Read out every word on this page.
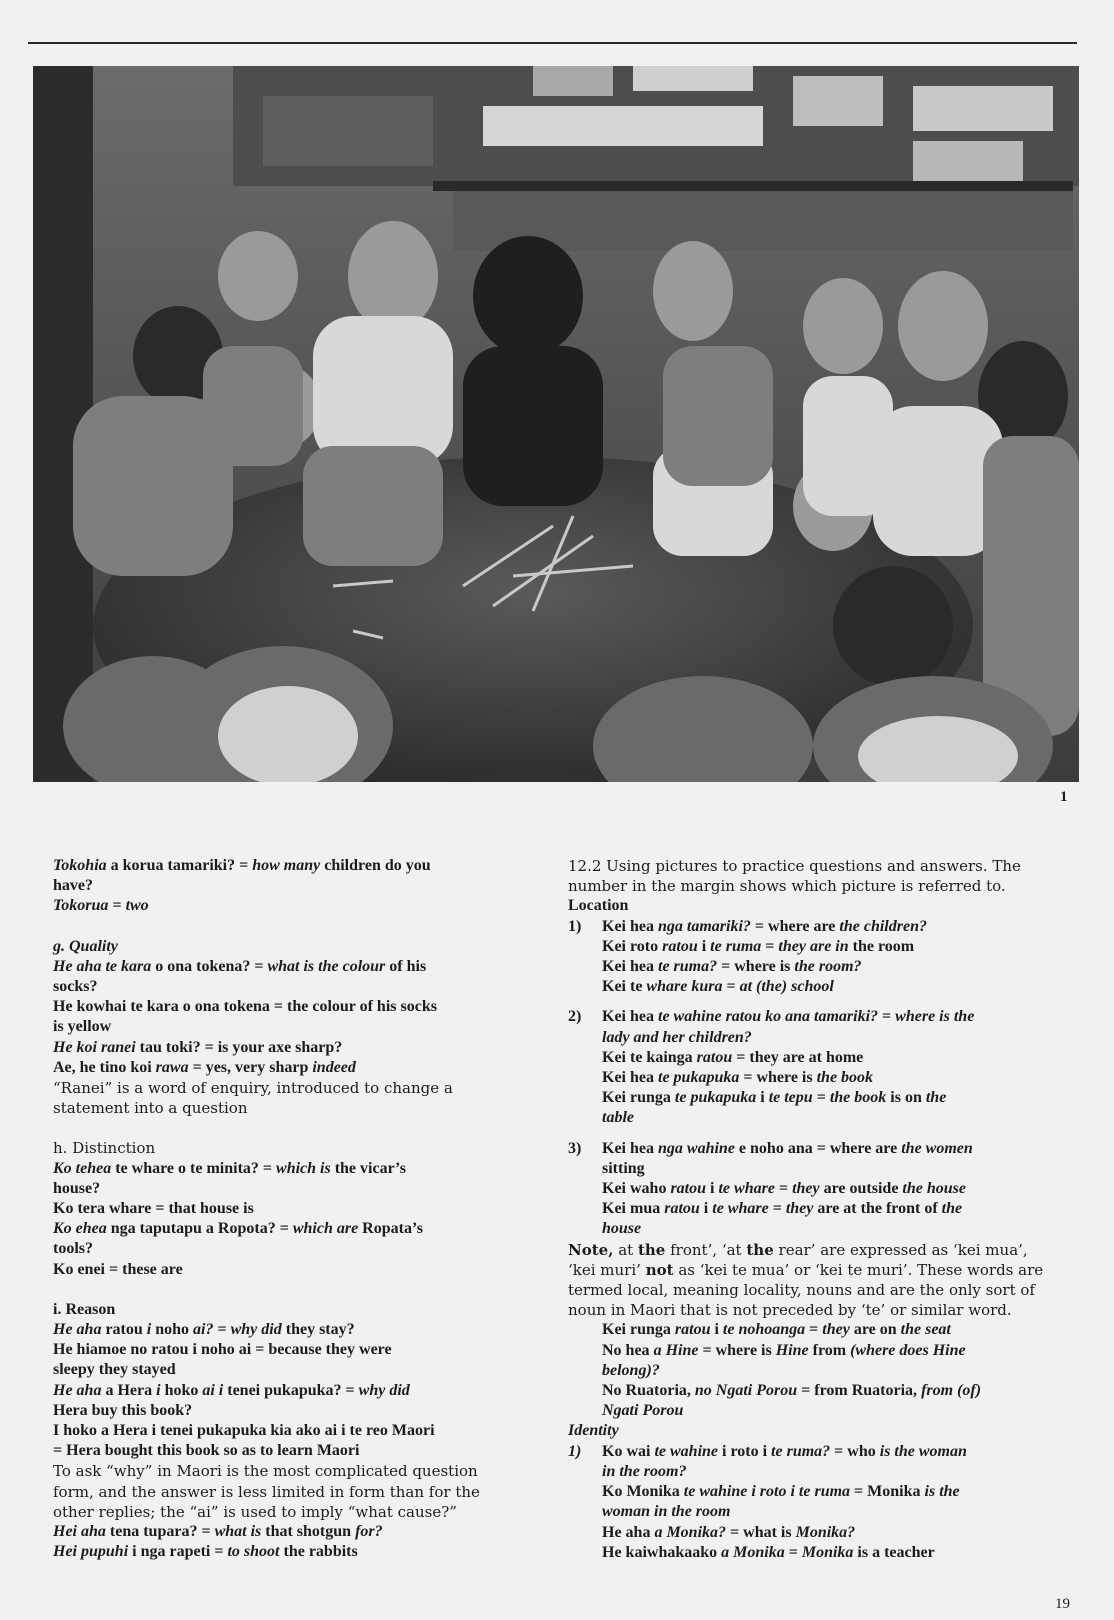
1

Tokohia a korua tamariki? = how many children do you

have?

Tokorua = two

g. Quality

He aha te kara o ona tokena? = what is the colour of his

socks?

He kowhai te kara o ona tokena = the colour of his socks

is yellow

He koi ranei tau toki? = is your axe sharp?

Ae, he tino koi rawa = yes, very sharp indeed

“Ranei” is a word of enquiry, introduced to change a

statement into a question

h. Distinction

Ko tehea te whare o te minita? = which is the vicar’s

house?

Ko tera whare = that house is

Ko ehea nga taputapu a Ropota? = which are Ropata’s

tools?

Ko enei = these are

i. Reason

He aha ratou i noho ai? = why did they stay?

He hiamoe no ratou i noho ai = because they were

sleepy they stayed

He aha a Hera i hoko ai i tenei pukapuka? = why did

Hera buy this book?

I hoko a Hera i tenei pukapuka kia ako ai i te reo Maori

= Hera bought this book so as to learn Maori

To ask “why” in Maori is the most complicated question

form, and the answer is less limited in form than for the

other replies; the “ai” is used to imply “what cause?”

Hei aha tena tupara? = what is that shotgun for?

Hei pupuhi i nga rapeti = to shoot the rabbits

12.2 Using pictures to practice questions and answers. The

number in the margin shows which picture is referred to.

Location

1) Kei hea nga tamariki? = where are the children?

Kei roto ratou i te ruma = they are in the room

Kei hea te ruma? = where is the room?

Kei te whare kura = at (the) school

2) Kei hea te wahine ratou ko ana tamariki? = where is the

lady and her children?

Kei te kainga ratou = they are at home

Kei hea te pukapuka = where is the book

Kei runga te pukapuka i te tepu = the book is on the

table

3) Kei hea nga wahine e noho ana = where are the women

sitting

Kei waho ratou i te whare = they are outside the house

Kei mua ratou i te whare = they are at the front of the

house

Note, at the front’, ‘at the rear’ are expressed as ‘kei mua’,

‘kei muri’ not as ‘kei te mua’ or ‘kei te muri’. These words are

termed local, meaning locality, nouns and are the only sort of

noun in Maori that is not preceded by ‘te’ or similar word.

Kei runga ratou i te nohoanga = they are on the seat

No hea a Hine = where is Hine from (where does Hine

belong)?

No Ruatoria, no Ngati Porou = from Ruatoria, from (of)

Ngati Porou

Identity

1) Ko wai te wahine i roto i te ruma? = who is the woman

in the room?

Ko Monika te wahine i roto i te ruma = Monika is the

woman in the room

He aha a Monika? = what is Monika?

He kaiwhakaako a Monika = Monika is a teacher

19
